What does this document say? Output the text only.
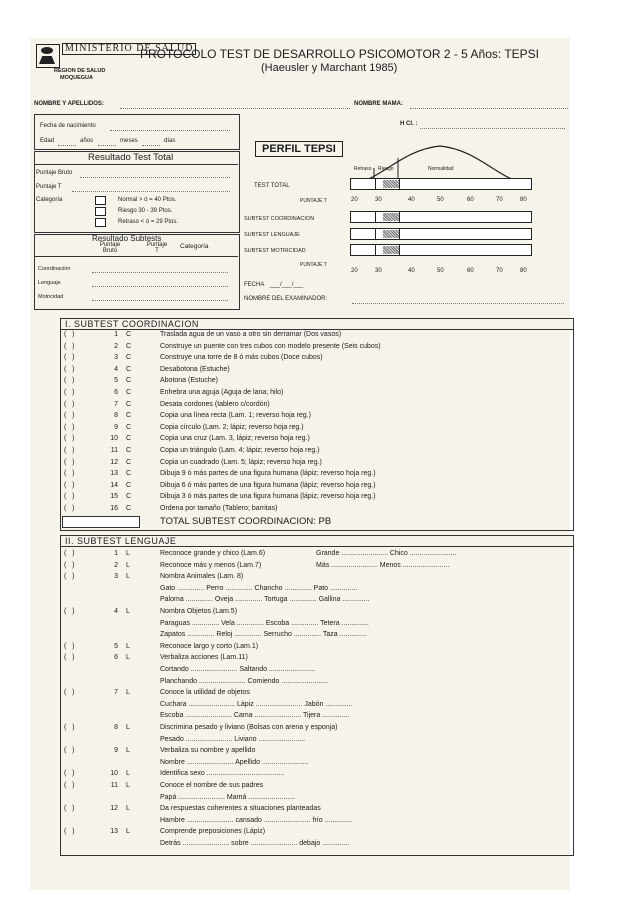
MINISTERIO DE SALUD
REGION DE SALUD
MOQUEGUA
PROTOCOLO TEST DE DESARROLLO PSICOMOTOR 2 - 5 Años: TEPSI
(Haeusler y Marchant 1985)
NOMBRE Y APELLIDOS:	NOMBRE MAMA:
Fecha de nacimiento
Edad	años	meses	días
H Cl. :
Resultado Test Total
Puntaje Bruto
Puntaje T
Categoría	Normal > ó = 40 Ptos.
Riesgo 30 - 39 Ptos.
Retraso < ó = 29 Ptos.
Resultado Subtests
Puntaje Bruto
Puntaje T
Categoría
Coordinación
Lenguaje
Motricidad
PERFIL TEPSI
Retraso Riesgo	Normalidad
TEST TOTAL
PUNTAJE T	20	30	40	50	60	70	80
SUBTEST COORDINACION
SUBTEST LENGUAJE
SUBTEST MOTRICIDAD
PUNTAJE T
20	30	40	50	60	70	80
FECHA ___/___/___
NOMBRE DEL EXAMINADOR:
I. SUBTEST COORDINACION
(   )	1 C	Traslada agua de un vaso a otro sin derramar (Dos vasos)
(   )	2 C	Construye un puente con tres cubos con modelo presente (Seis cubos)
(   )	3 C	Construye una torre de 8 ó más cubos (Doce cubos)
(   )	4 C	Desabotona (Estuche)
(   )	5 C	Abotona (Estuche)
(   )	6 C	Enhebra una aguja (Aguja de lana; hilo)
(   )	7 C	Desata cordones (tablero c/cordón)
(   )	8 C	Copia una línea recta (Lam. 1; reverso hoja reg.)
(   )	9 C	Copia círculo (Lam. 2; lápiz; reverso hoja reg.)
(   )	10 C	Copia una cruz (Lam. 3, lápiz; reverso hoja reg.)
(   )	11 C	Copia un triángulo (Lam. 4; lápiz; reverso hoja reg.)
(   )	12 C	Copia un cuadrado (Lam. 5; lápiz; reverso hoja reg.)
(   )	13 C	Dibuja 9 ó más partes de una figura humana (lápiz; reverso hoja reg.)
(   )	14 C	Dibuja 6 ó más partes de una figura humana (lápiz; reverso hoja reg.)
(   )	15 C	Dibuja 3 ó más partes de una figura humana (lápiz; reverso hoja reg.)
(   )	16 C	Ordena por tamaño (Tablero; barritas)
TOTAL SUBTEST COORDINACION: PB
II. SUBTEST LENGUAJE
(   )	1 L	Reconoce grande y chico (Lam.6)	Grande ........................ Chico ........................
(   )	2 L	Reconoce más y menos (Lam.7)	Más ........................ Menos ........................
(   )	3 L	Nombra Animales (Lam. 8)
Gato .............. Perro .............. Chancho .............. Pato ..............
Paloma .............. Oveja .............. Tortuga .............. Gallina ..............
(   )	4 L	Nombra Objetos (Lam.5)
Paraguas .............. Vela .............. Escoba .............. Tetera ..............
Zapatos .............. Reloj .............. Serrucho .............. Taza ..............
(   )	5 L	Reconoce largo y corto (Lam.1)
(   )	6 L	Verbaliza acciones (Lam.11)
Cortando ........................ Saltando ........................
Planchando ........................ Comiendo ........................
(   )	7 L	Conoce la utilidad de objetos
Cuchara ........................ Lápiz ........................ Jabón ..............
Escoba ........................ Cama ........................ Tijera ..............
(   )	8 L	Discrimina pesado y liviano (Bolsas con arena y esponja)
Pesado ........................ Liviano ........................
(   )	9 L	Verbaliza su nombre y apellido
Nombre ........................ Apellido ........................
(   )	10 L	Identifica sexo ........................................
(   )	11 L	Conoce el nombre de sus padres
Papá ........................ Mamá ........................
(   )	12 L	Da respuestas coherentes a situaciones planteadas
Hambre ........................ cansado ........................ frío ..............
(   )	13 L	Comprende preposiciones (Lápiz)
Detrás ........................ sobre ........................ debajo ..............
